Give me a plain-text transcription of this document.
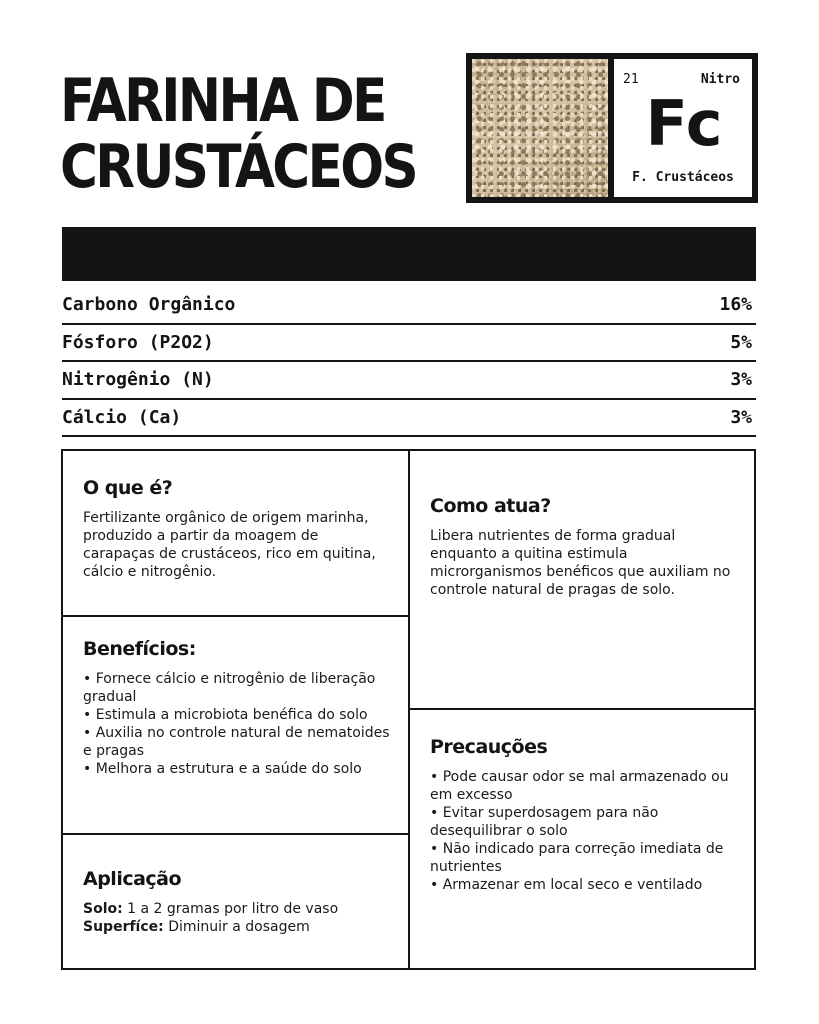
FARINHA DE
CRUSTÁCEOS
21	Nitro
Fc
F. Crustáceos
Carbono Orgânico	16%
Fósforo (P2O2)	5%
Nitrogênio (N)	3%
Cálcio (Ca)	3%
O que é?

Fertilizante orgânico de origem marinha, produzido a partir da moagem de carapaças de crustáceos, rico em quitina, cálcio e nitrogênio.

Como atua?

Libera nutrientes de forma gradual enquanto a quitina estimula microrganismos benéficos que auxiliam no controle natural de pragas de solo.

Benefícios:
• Fornece cálcio e nitrogênio de liberação gradual
• Estimula a microbiota benéfica do solo
• Auxilia no controle natural de nematoides e pragas
• Melhora a estrutura e a saúde do solo
Precauções
• Pode causar odor se mal armazenado ou em excesso
• Evitar superdosagem para não desequilibrar o solo
• Não indicado para correção imediata de nutrientes
• Armazenar em local seco e ventilado
Aplicação

Solo: 1 a 2 gramas por litro de vaso

Superfíce: Diminuir a dosagem
